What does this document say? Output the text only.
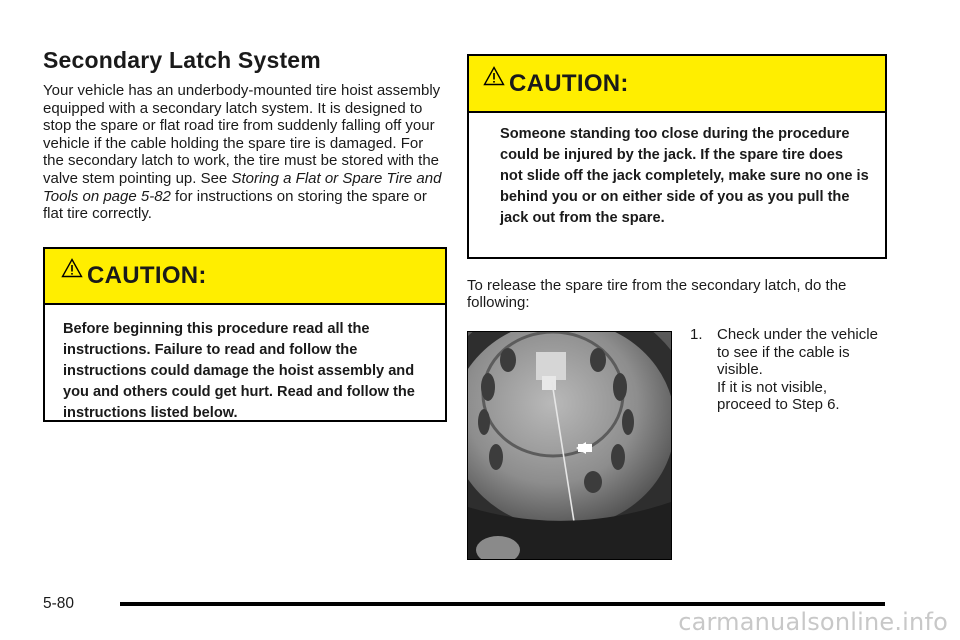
Secondary Latch System

Your vehicle has an underbody-mounted tire hoist assembly equipped with a secondary latch system. It is designed to stop the spare or flat road tire from suddenly falling off your vehicle if the cable holding the spare tire is damaged. For the secondary latch to work, the tire must be stored with the valve stem pointing up. See Storing a Flat or Spare Tire and Tools on page 5-82 for instructions on storing the spare or flat tire correctly.

CAUTION:
Before beginning this procedure read all the instructions. Failure to read and follow the instructions could damage the hoist assembly and you and others could get hurt. Read and follow the instructions listed below.
CAUTION:
Someone standing too close during the procedure could be injured by the jack. If the spare tire does not slide off the jack completely, make sure no one is behind you or on either side of you as you pull the jack out from the spare.

To release the spare tire from the secondary latch, do the following:

1. Check under the vehicle to see if the cable is visible.
If it is not visible, proceed to Step 6.
5-80
carmanualsonline.info
